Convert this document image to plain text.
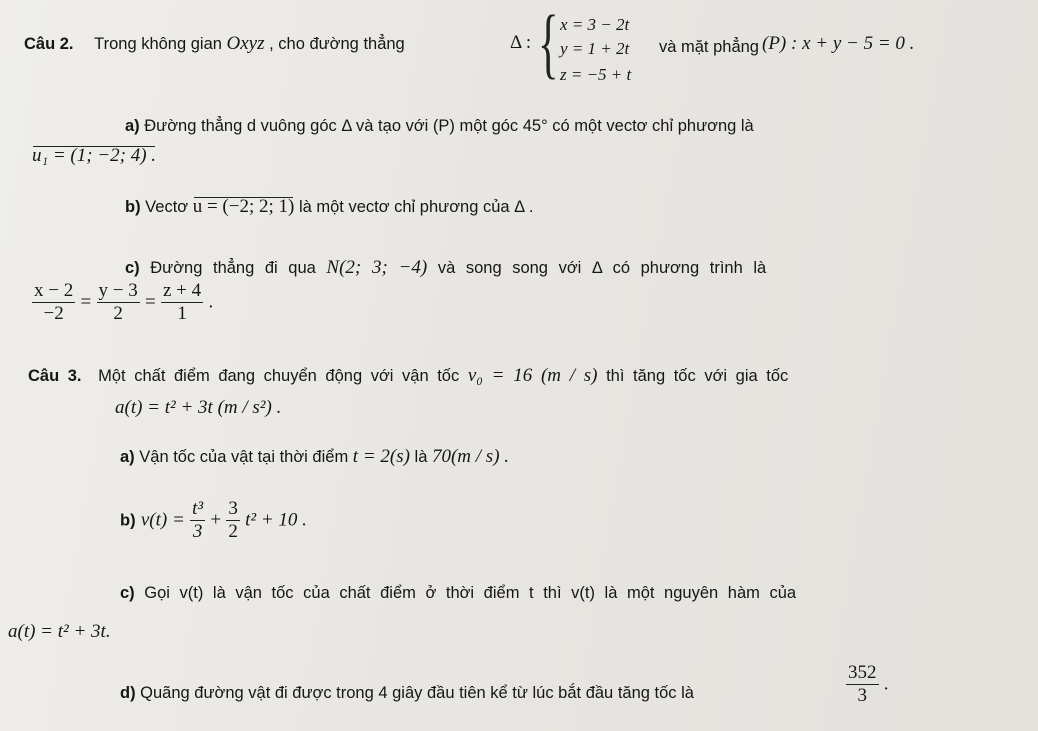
Câu 2. Trong không gian Oxyz , cho đường thẳng	Δ : { x = 3 − 2t
y = 1 + 2t
z = −5 + t
và mặt phẳng (P) : x + y − 5 = 0 .
a) Đường thẳng d vuông góc Δ và tạo với (P) một góc 45° có một vectơ chỉ phương là
u₁ = (1; −2; 4) .
b) Vectơ u = (−2; 2; 1) là một vectơ chỉ phương của Δ .
c) Đường thẳng đi qua N(2; 3; −4) và song song với Δ có phương trình là
$\frac{x - 2}{-2} = \frac{y - 3}{2} = \frac{z + 4}{1}$ .
Câu 3. Một chất điểm đang chuyển động với vận tốc v₀ = 16 (m / s) thì tăng tốc với gia tốc
a(t) = t² + 3t (m / s²) .
a) Vận tốc của vật tại thời điểm t = 2(s) là 70(m / s) .
b) $v(t) = \frac{\text{t³}}{3} + \frac{3}{2} t^2 + 10$ .
c) Gọi v(t) là vận tốc của chất điểm ở thời điểm t thì v(t) là một nguyên hàm của
a(t) = t² + 3t.
d) Quãng đường vật đi được trong 4 giây đầu tiên kể từ lúc bắt đầu tăng tốc là	$\frac{352}{3}$ .
